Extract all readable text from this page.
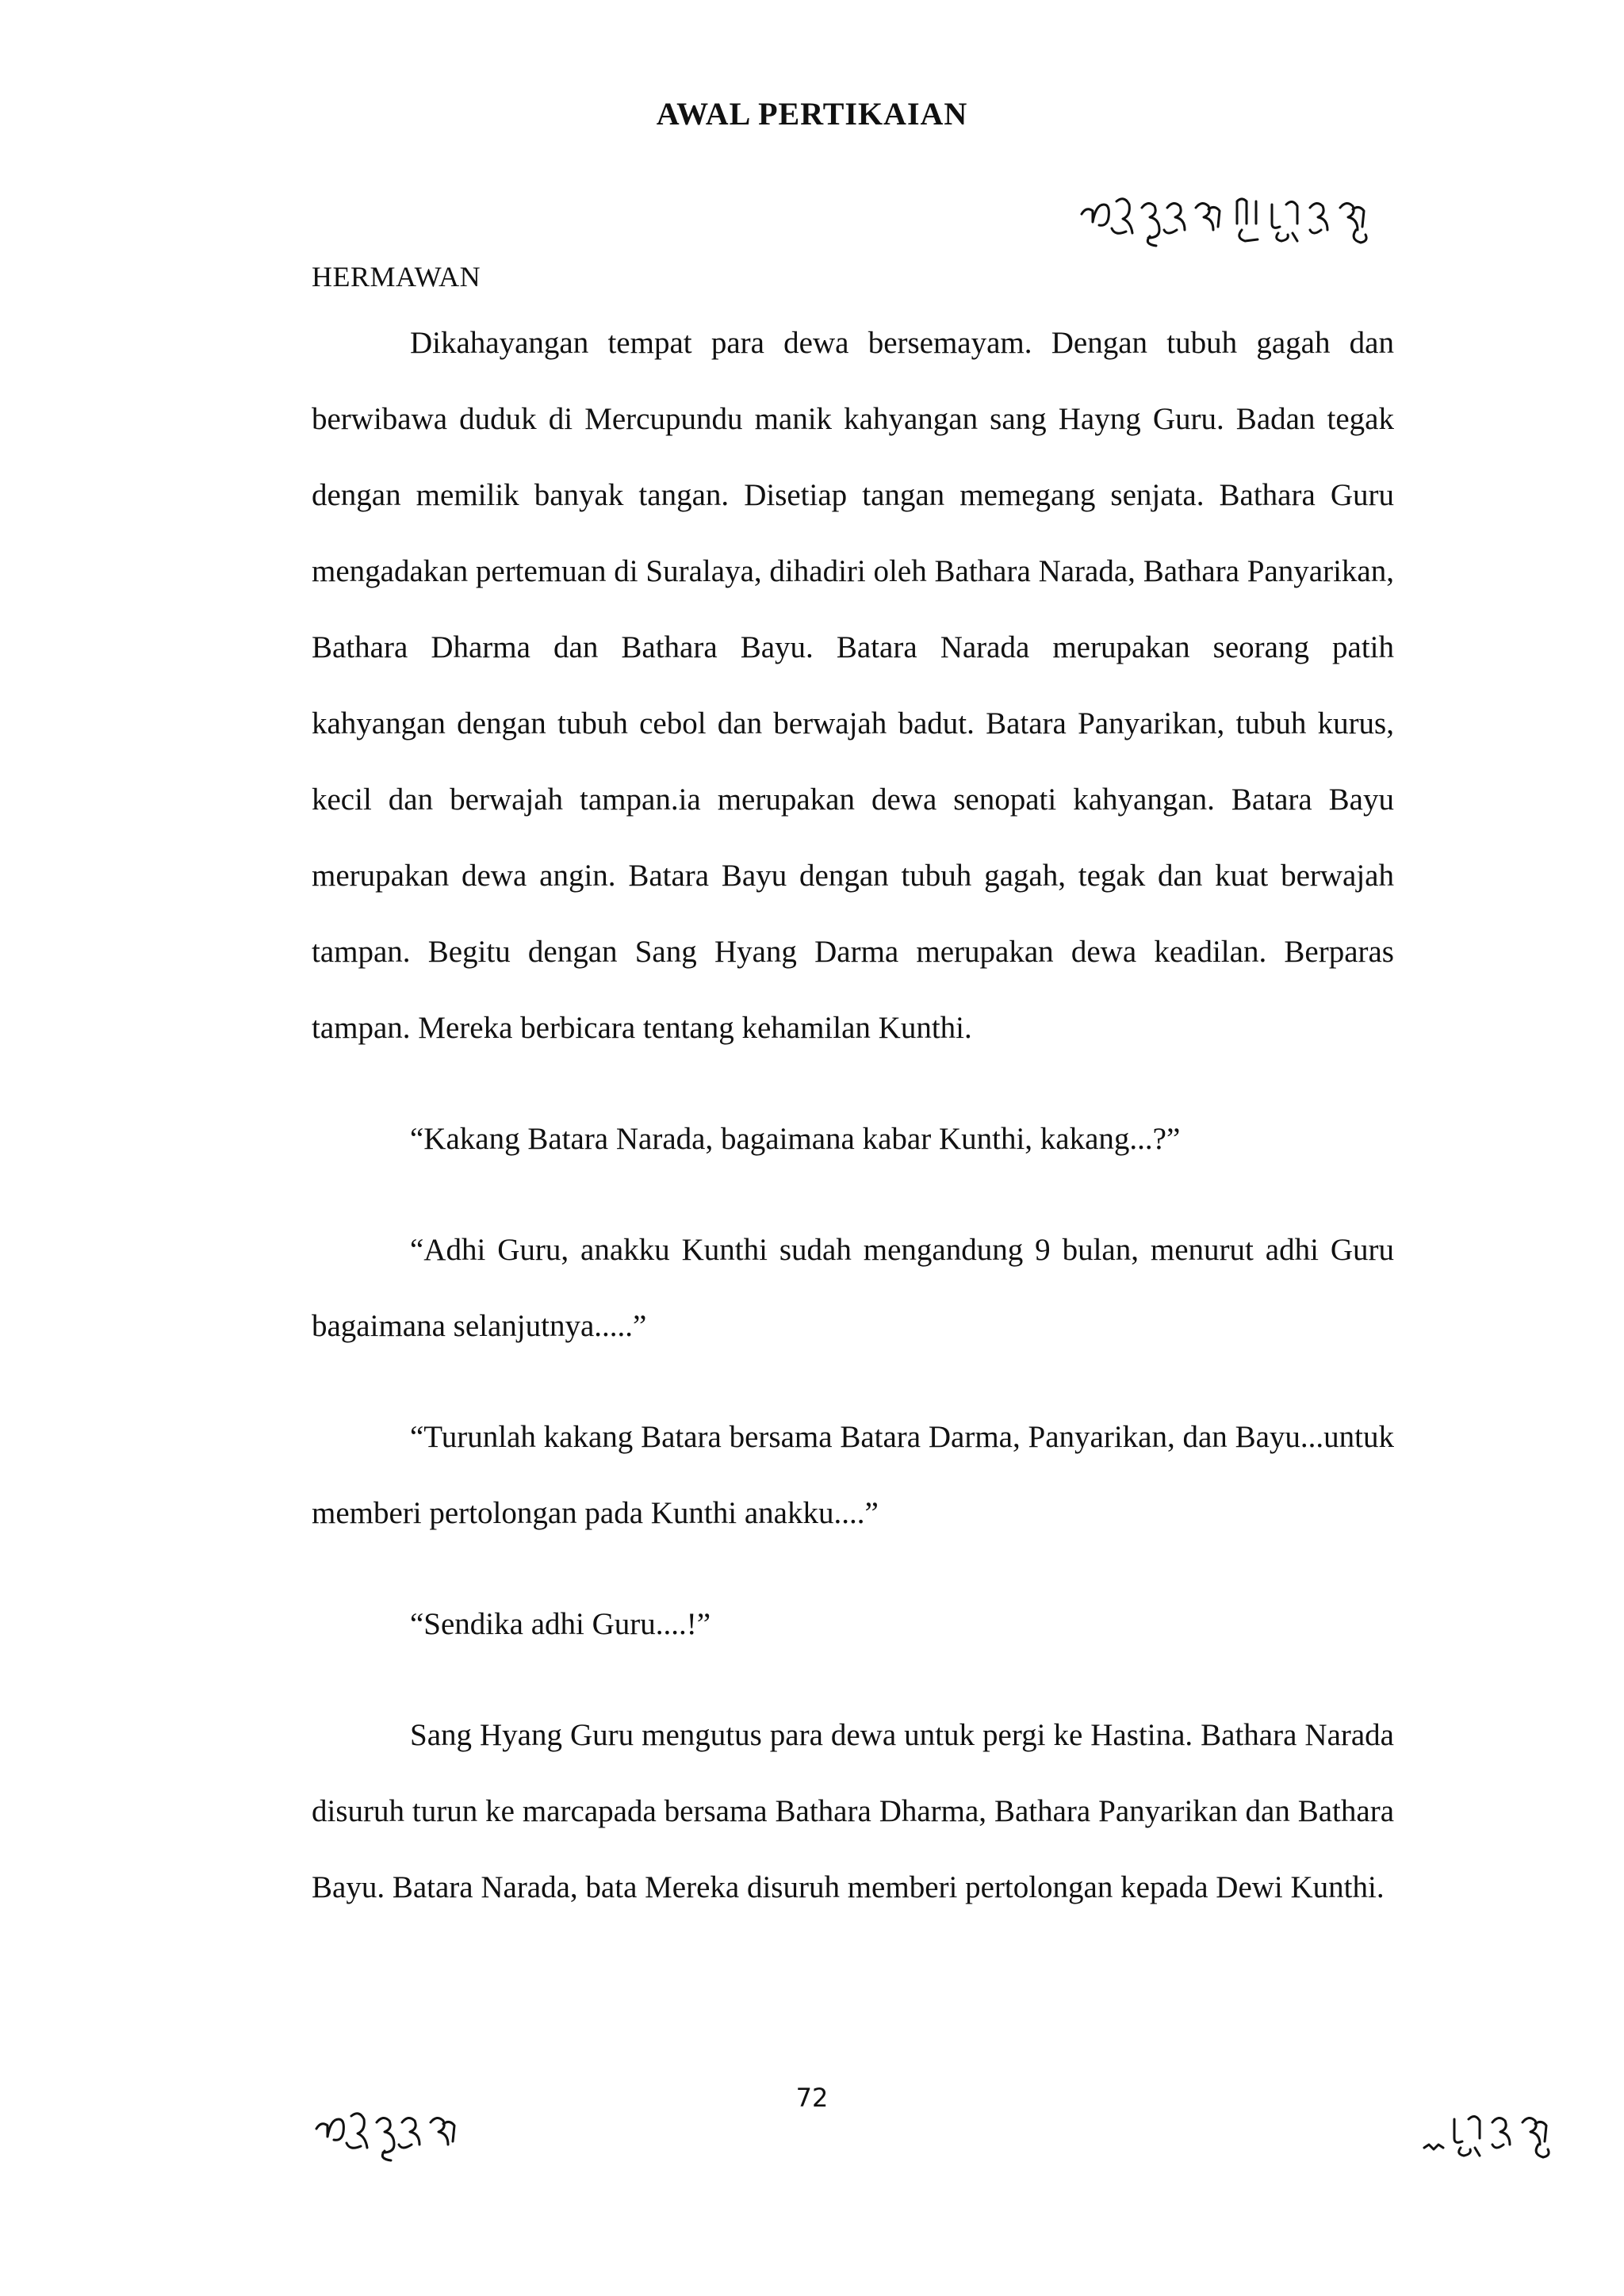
AWAL PERTIKAIAN
HERMAWAN

Dikahayangan tempat para dewa bersemayam. Dengan tubuh gagah dan berwibawa duduk di Mercupundu manik kahyangan sang Hayng Guru. Badan tegak dengan memilik banyak tangan. Disetiap tangan memegang senjata. Bathara Guru mengadakan pertemuan di Suralaya, dihadiri oleh Bathara Narada, Bathara Panyarikan, Bathara Dharma dan Bathara Bayu. Batara Narada merupakan seorang patih kahyangan dengan tubuh cebol dan berwajah badut. Batara Panyarikan, tubuh kurus, kecil dan berwajah tampan.ia merupakan dewa senopati kahyangan. Batara Bayu merupakan dewa angin. Batara Bayu dengan tubuh gagah, tegak dan kuat berwajah tampan. Begitu dengan Sang Hyang Darma merupakan dewa keadilan. Berparas tampan. Mereka berbicara tentang kehamilan Kunthi.

“Kakang Batara Narada, bagaimana kabar Kunthi, kakang...?”

“Adhi Guru, anakku Kunthi sudah mengandung 9 bulan, menurut adhi Guru bagaimana selanjutnya.....”

“Turunlah kakang Batara bersama Batara Darma, Panyarikan, dan Bayu...untuk memberi pertolongan pada Kunthi anakku....”

“Sendika adhi Guru....!”

Sang Hyang Guru mengutus para dewa untuk pergi ke Hastina. Bathara Narada disuruh turun ke marcapada bersama Bathara Dharma, Bathara Panyarikan dan Bathara Bayu. Batara Narada, bata Mereka disuruh memberi pertolongan kepada Dewi Kunthi.

72
